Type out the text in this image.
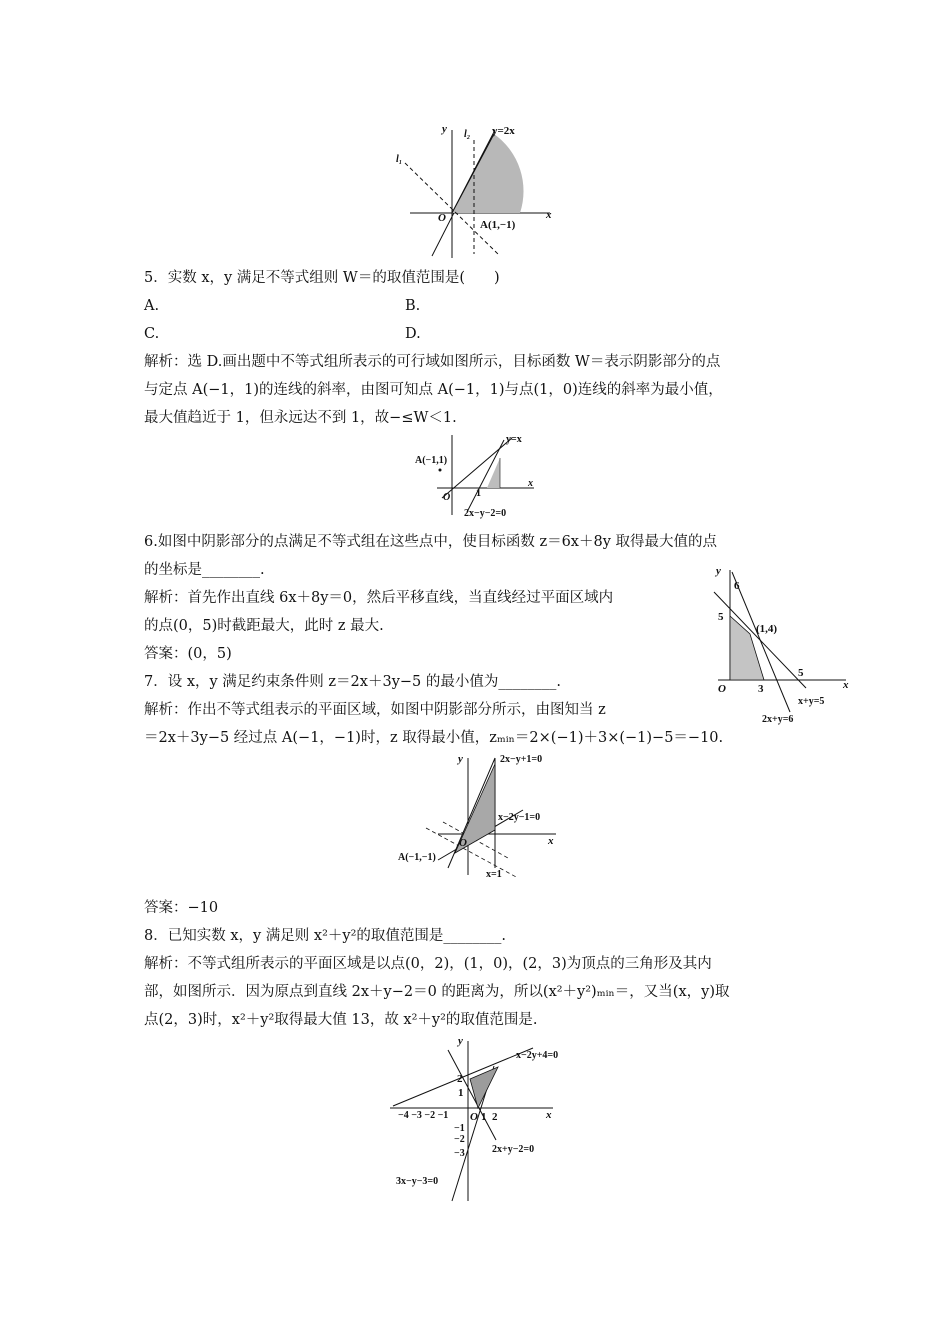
y l₂ y=2x
l₁
O	x
A(1,−1)
5．实数 x，y 满足不等式组则 W＝的取值范围是(　　)
A.	B.
C.	D.
解析：选 D.画出题中不等式组所表示的可行域如图所示，目标函数 W＝表示阴影部分的点
与定点 A(−1，1)的连线的斜率，由图可知点 A(−1，1)与点(1，0)连线的斜率为最小值，
最大值趋近于 1，但永远达不到 1，故−≤W＜1.
A(−1,1)
y=x
O	1
x
2x−y−2=0
6.如图中阴影部分的点满足不等式组在这些点中，使目标函数 z＝6x＋8y 取得最大值的点
的坐标是________.
解析：首先作出直线 6x＋8y＝0，然后平移直线，当直线经过平面区域内
的点(0，5)时截距最大，此时 z 最大.
答案：(0，5)
y
6
5
(1,4)
5
O	3	x
x+y=5
2x+y=6
7．设 x，y 满足约束条件则 z＝2x＋3y−5 的最小值为________.
解析：作出不等式组表示的平面区域，如图中阴影部分所示，由图知当 z
＝2x＋3y−5 经过点 A(−1，−1)时，z 取得最小值，zₘᵢₙ＝2×(−1)＋3×(−1)−5＝−10.
y	2x−y+1=0
x−2y−1=0
O	x
A(−1,−1)
x=1
答案：−10
8．已知实数 x，y 满足则 x²＋y²的取值范围是________.
解析：不等式组所表示的平面区域是以点(0，2)，(1，0)，(2，3)为顶点的三角形及其内
部，如图所示．因为原点到直线 2x＋y−2＝0 的距离为，所以(x²＋y²)ₘᵢₙ＝，又当(x，y)取
点(2，3)时，x²＋y²取得最大值 13，故 x²＋y²的取值范围是.
y
x−2y+4=0
2
1
−4 −3 −2 −1 O 1 2	x
−1
−2
−3	2x+y−2=0
3x−y−3=0
